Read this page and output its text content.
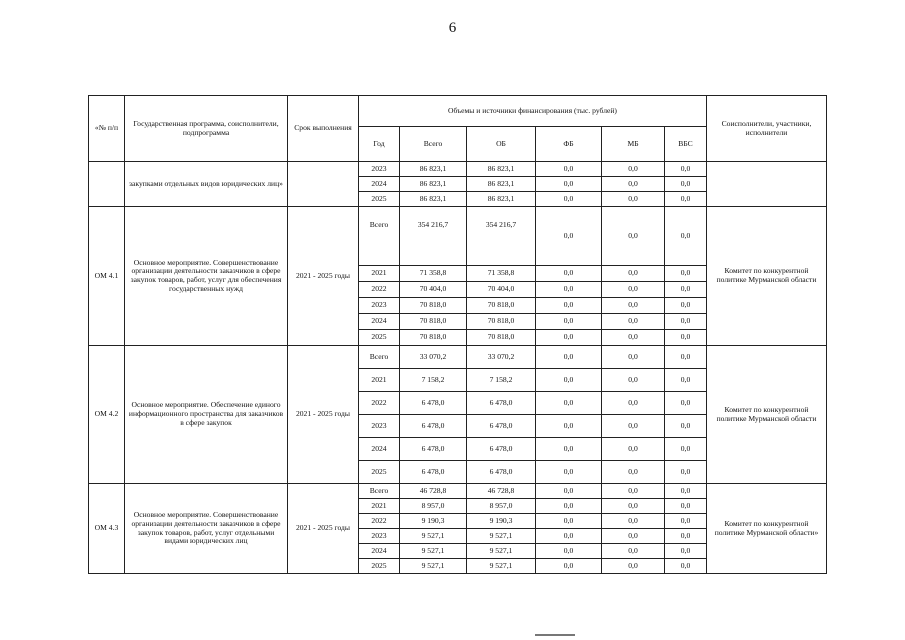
6
«№ п/п	Государственная программа, соисполнители, подпрограмма	Срок выполнения	Объемы и источники финансирования (тыс. рублей)						Соисполнители, участники, исполнители
			Год	Всего	ОБ	ФБ	МБ	ВБС	
	закупками отдельных видов юридических лиц»		2023	86 823,1	86 823,1	0,0	0,0	0,0	
			2024	86 823,1	86 823,1	0,0	0,0	0,0	
			2025	86 823,1	86 823,1	0,0	0,0	0,0	
ОМ 4.1	Основное мероприятие. Совершенствование организации деятельности заказчиков в сфере закупок товаров, работ, услуг для обеспечения государственных нужд	2021 - 2025 годы	Всего	354 216,7	354 216,7	0,0	0,0	0,0	Комитет по конкурентной политике Мурманской области
			2021	71 358,8	71 358,8	0,0	0,0	0,0	
			2022	70 404,0	70 404,0	0,0	0,0	0,0	
			2023	70 818,0	70 818,0	0,0	0,0	0,0	
			2024	70 818,0	70 818,0	0,0	0,0	0,0	
			2025	70 818,0	70 818,0	0,0	0,0	0,0	
ОМ 4.2	Основное мероприятие. Обеспечение единого информационного пространства для заказчиков в сфере закупок	2021 - 2025 годы	Всего	33 070,2	33 070,2	0,0	0,0	0,0	Комитет по конкурентной политике Мурманской области
			2021	7 158,2	7 158,2	0,0	0,0	0,0	
			2022	6 478,0	6 478,0	0,0	0,0	0,0	
			2023	6 478,0	6 478,0	0,0	0,0	0,0	
			2024	6 478,0	6 478,0	0,0	0,0	0,0	
			2025	6 478,0	6 478,0	0,0	0,0	0,0	
ОМ 4.3	Основное мероприятие. Совершенствование организации деятельности заказчиков в сфере закупок товаров, работ, услуг отдельными видами юридических лиц	2021 - 2025 годы	Всего	46 728,8	46 728,8	0,0	0,0	0,0	Комитет по конкурентной политике Мурманской области»
			2021	8 957,0	8 957,0	0,0	0,0	0,0	
			2022	9 190,3	9 190,3	0,0	0,0	0,0	
			2023	9 527,1	9 527,1	0,0	0,0	0,0	
			2024	9 527,1	9 527,1	0,0	0,0	0,0	
			2025	9 527,1	9 527,1	0,0	0,0	0,0	
